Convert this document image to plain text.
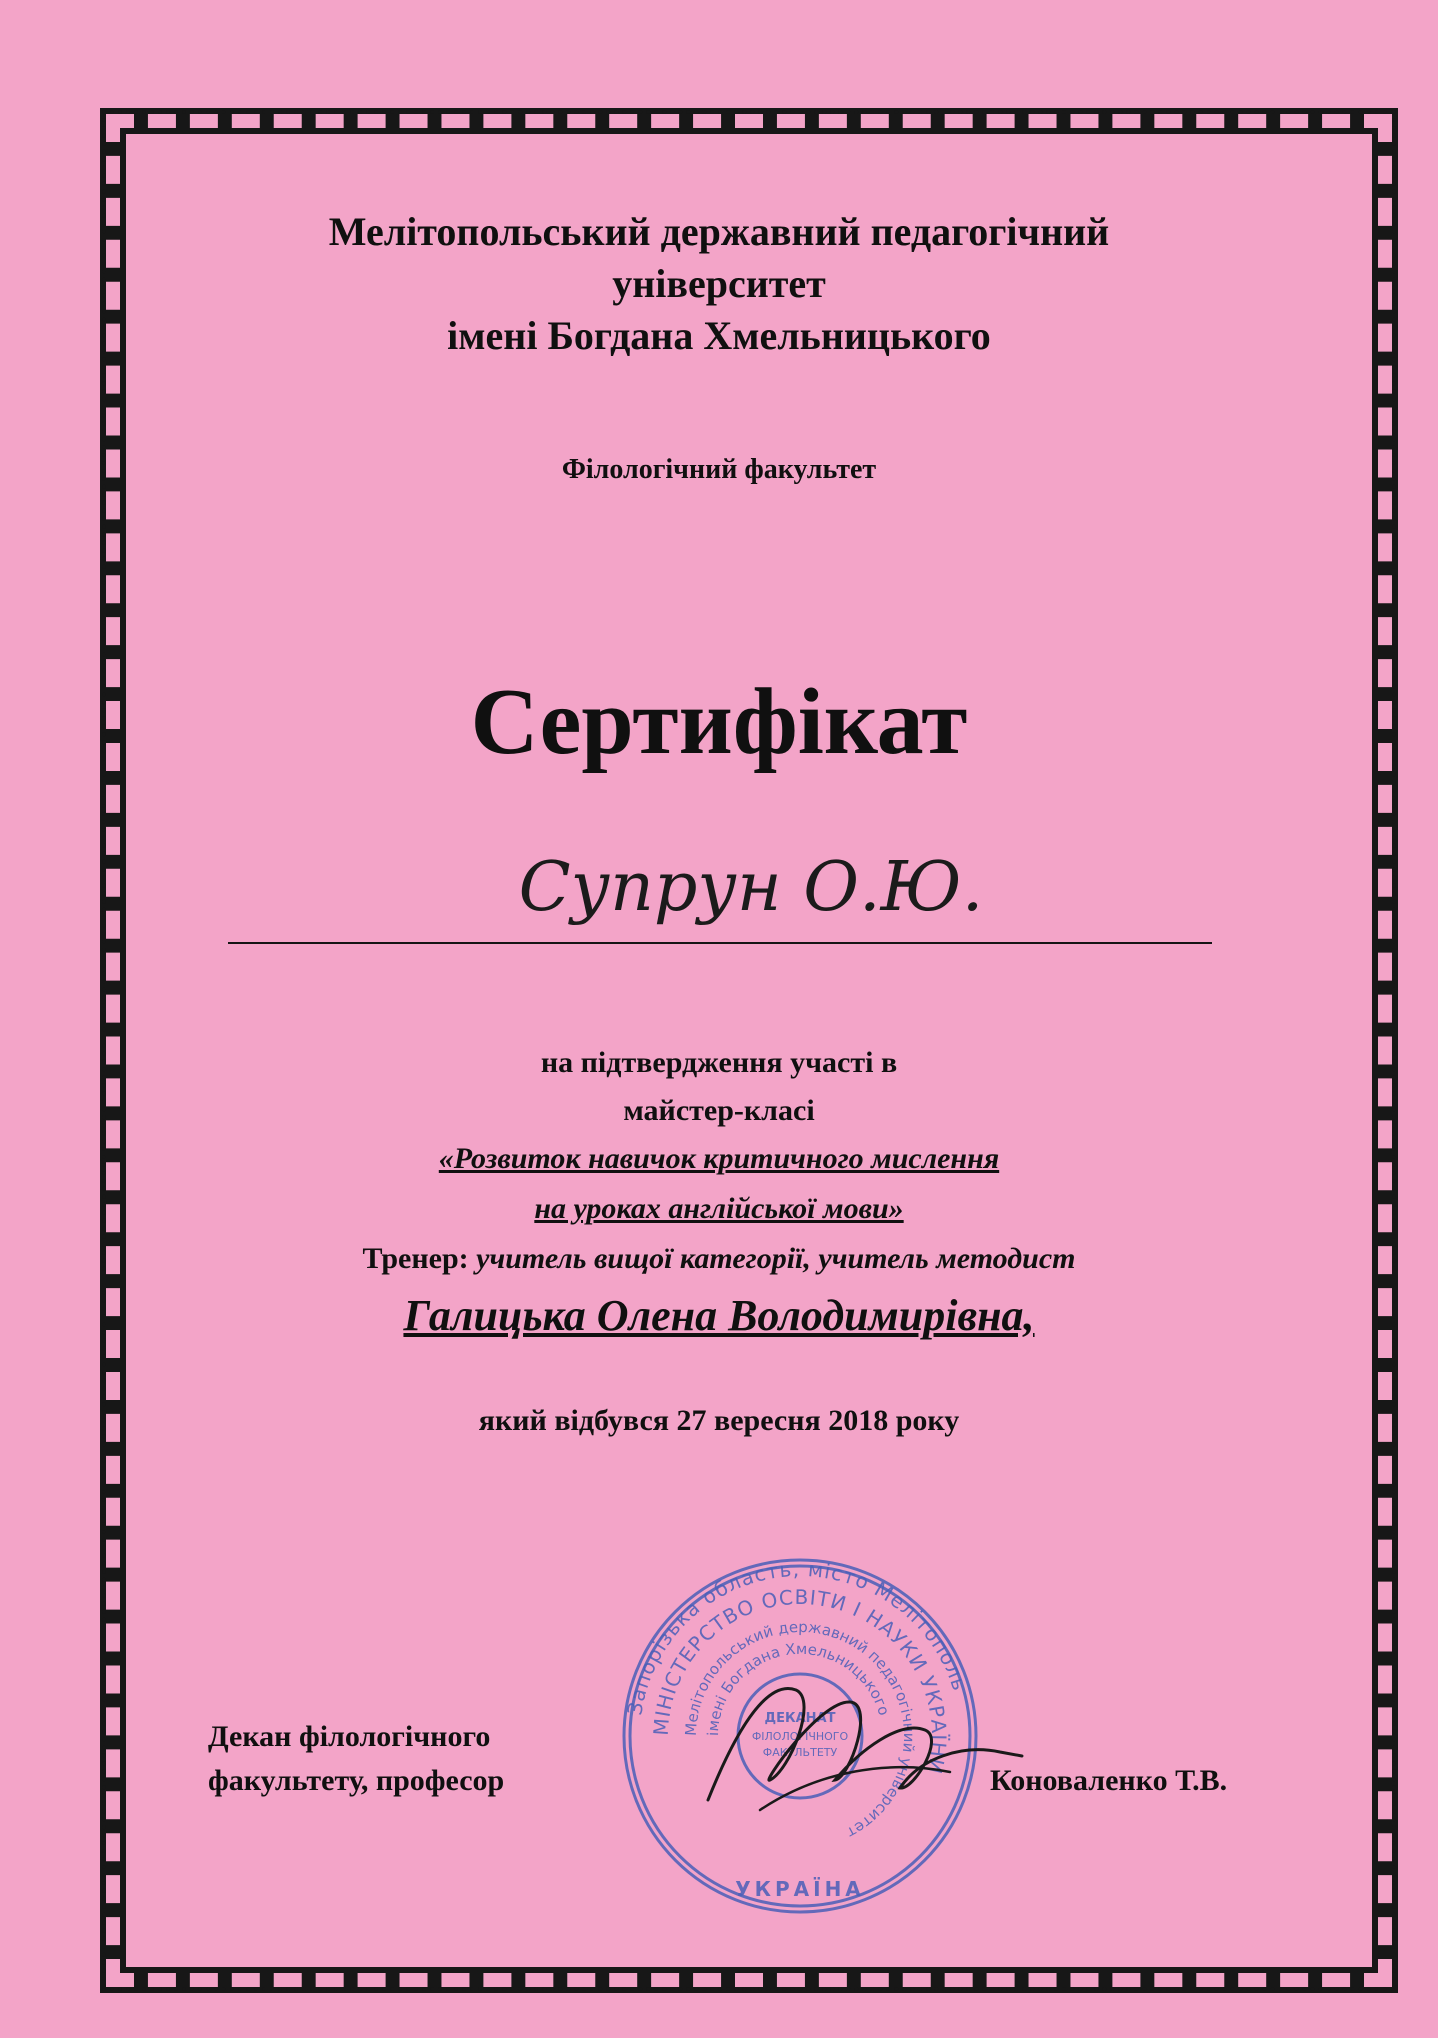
Мелітопольський державний педагогічний
університет
імені Богдана Хмельницького
Філологічний факультет
Сертифікат
Супрун О.Ю.
на підтвердження участі в
майстер-класі
«Розвиток навичок критичного мислення
на уроках англійської мови»
Тренер: учитель вищої категорії, учитель методист
Галицька Олена Володимирівна,
який відбувся 27 вересня 2018 року
Декан філологічного
факультету, професор	Коноваленко Т.В.
Запорізька область, місто Мелітополь
МІНІСТЕРСТВО ОСВІТИ І НАУКИ УКРАЇНИ
Мелітопольський державний педагогічний університет
імені Богдана Хмельницького
ДЕКАНАТ
ФІЛОЛОГІЧНОГО
ФАКУЛЬТЕТУ
УКРАЇНА
